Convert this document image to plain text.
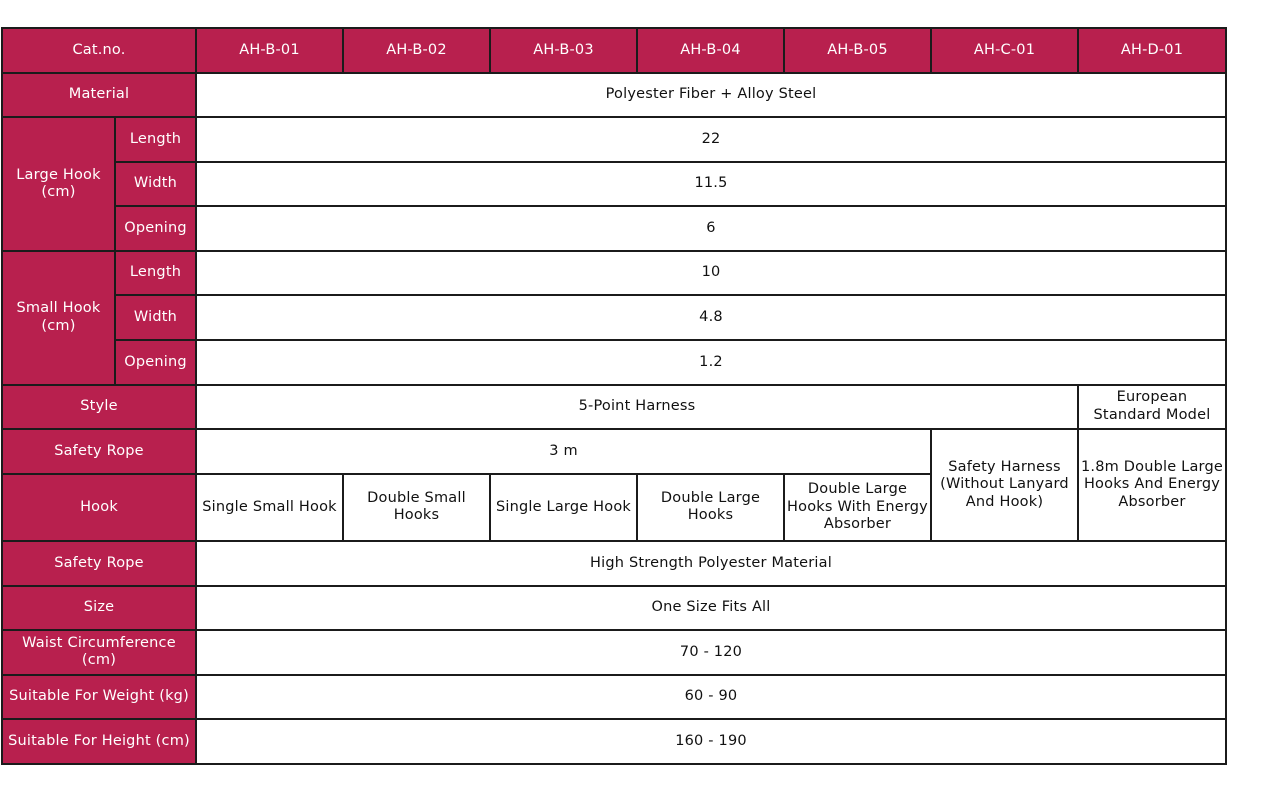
Cat.no.		AH-B-01	AH-B-02	AH-B-03	AH-B-04	AH-B-05	AH-C-01	AH-D-01
Material		Polyester Fiber + Alloy Steel						
Large Hook (cm)	Length	22						
	Width	11.5						
	Opening	6						
Small Hook (cm)	Length	10						
	Width	4.8						
	Opening	1.2						
Style		5-Point Harness						European Standard Model
Safety Rope		3 m					Safety Harness (Without Lanyard And Hook)	1.8m Double Large Hooks And Energy Absorber
Hook		Single Small Hook	Double Small Hooks	Single Large Hook	Double Large Hooks	Double Large Hooks With Energy Absorber		
Safety Rope		High Strength Polyester Material						
Size		One Size Fits All						
Waist Circumference (cm)		70 - 120						
Suitable For Weight (kg)		60 - 90						
Suitable For Height (cm)		160 - 190						
